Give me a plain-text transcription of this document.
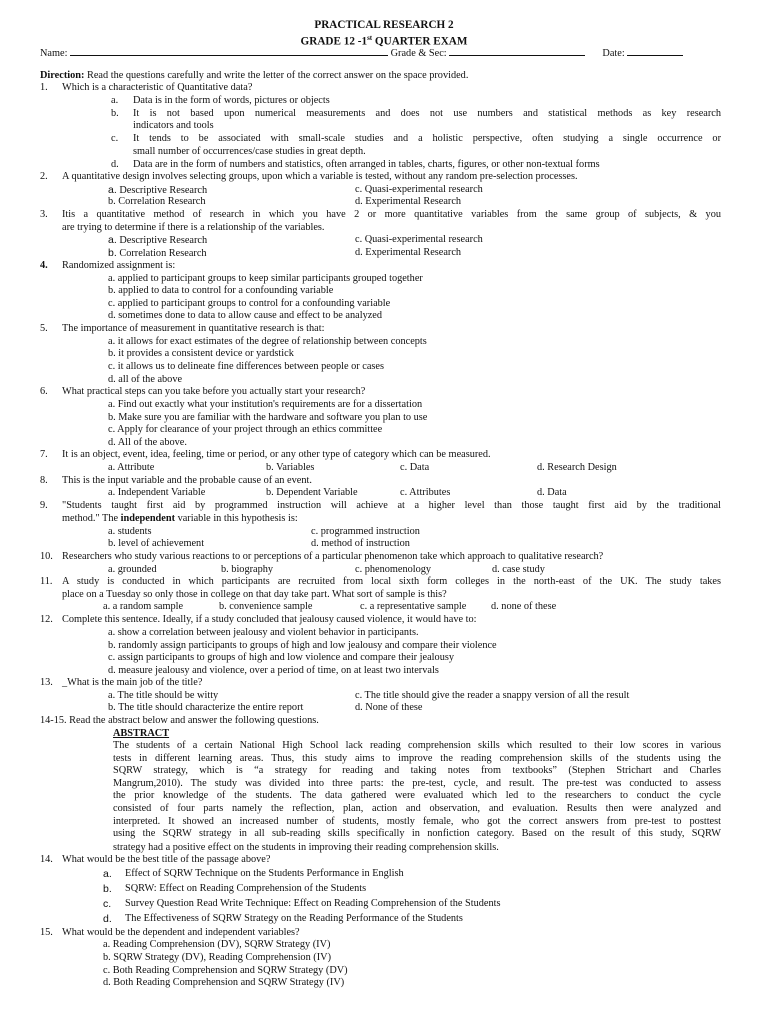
PRACTICAL RESEARCH 2
GRADE 12 -1st QUARTER EXAM
Name:	Grade & Sec:	Date:
Direction: Read the questions carefully and write the letter of the correct answer on the space provided.
1. Which is a characteristic of Quantitative data?
a. Data is in the form of words, pictures or objects
b. It is not based upon numerical measurements and does not use numbers and statistical methods as key research
indicators and tools
c. It tends to be associated with small-scale studies and a holistic perspective, often studying a single occurrence or
small number of occurrences/case studies in great depth.
d. Data are in the form of numbers and statistics, often arranged in tables, charts, figures, or other non-textual forms
2. A quantitative design involves selecting groups, upon which a variable is tested, without any random pre-selection processes.
a. Descriptive Research	c. Quasi-experimental research
b. Correlation Research	d. Experimental Research
3. Itis a quantitative method of research in which you have 2 or more quantitative variables from the same group of subjects, & you
are trying to determine if there is a relationship of the variables.
a. Descriptive Research	c. Quasi-experimental research
b. Correlation Research	d. Experimental Research
4. Randomized assignment is:
a. applied to participant groups to keep similar participants grouped together
b. applied to data to control for a confounding variable
c. applied to participant groups to control for a confounding variable
d. sometimes done to data to allow cause and effect to be analyzed
5. The importance of measurement in quantitative research is that:
a. it allows for exact estimates of the degree of relationship between concepts
b. it provides a consistent device or yardstick
c. it allows us to delineate fine differences between people or cases
d. all of the above
6. What practical steps can you take before you actually start your research?
a. Find out exactly what your institution's requirements are for a dissertation
b. Make sure you are familiar with the hardware and software you plan to use
c. Apply for clearance of your project through an ethics committee
d. All of the above.
7. It is an object, event, idea, feeling, time or period, or any other type of category which can be measured.
a. Attribute	b. Variables	c. Data	d. Research Design
8. This is the input variable and the probable cause of an event.
a. Independent Variable	b. Dependent Variable	c. Attributes	d. Data
9. "Students taught first aid by programmed instruction will achieve at a higher level than those taught first aid by the traditional
method." The independent variable in this hypothesis is:
a. students	c. programmed instruction
b. level of achievement	d. method of instruction
10. Researchers who study various reactions to or perceptions of a particular phenomenon take which approach to qualitative research?
a. grounded	b. biography	c. phenomenology	d. case study
11. A study is conducted in which participants are recruited from local sixth form colleges in the north-east of the UK. The study takes
place on a Tuesday so only those in college on that day take part. What sort of sample is this?
a. a random sample	b. convenience sample	c. a representative sample d. none of these
12. Complete this sentence. Ideally, if a study concluded that jealousy caused violence, it would have to:
a. show a correlation between jealousy and violent behavior in participants.
b. randomly assign participants to groups of high and low jealousy and compare their violence
c. assign participants to groups of high and low violence and compare their jealousy
d. measure jealousy and violence, over a period of time, on at least two intervals
13. _What is the main job of the title?
a. The title should be witty	c. The title should give the reader a snappy version of all the result
b. The title should characterize the entire report	d. None of these
14-15. Read the abstract below and answer the following questions.
ABSTRACT
The students of a certain National High School lack reading comprehension skills which resulted to their low scores in various
tests in different learning areas. Thus, this study aims to improve the reading comprehension skills of the students using the
SQRW strategy, which is “a strategy for reading and taking notes from textbooks” (Stephen Strichart and Charles
Mangrum,2010). The study was divided into three parts: the pre-test, cycle, and result. The pre-test was conducted to assess
the prior knowledge of the students. The data gathered were evaluated which led to the researchers to conduct the cycle
consisted of four parts namely the reflection, plan, action and observation, and evaluation. Results then were analyzed and
interpreted. It showed an increased number of students, mostly female, who got the correct answers from pre-test to posttest
using the SQRW strategy in all sub-reading skills specifically in nonfiction category. Based on the result of this study, SQRW
strategy had a positive effect on the students in improving their reading comprehension skills.
14. What would be the best title of the passage above?
a. Effect of SQRW Technique on the Students Performance in English
b. SQRW: Effect on Reading Comprehension of the Students
c. Survey Question Read Write Technique: Effect on Reading Comprehension of the Students
d. The Effectiveness of SQRW Strategy on the Reading Performance of the Students
15. What would be the dependent and independent variables?
a. Reading Comprehension (DV), SQRW Strategy (IV)
b. SQRW Strategy (DV), Reading Comprehension (IV)
c. Both Reading Comprehension and SQRW Strategy (DV)
d. Both Reading Comprehension and SQRW Strategy (IV)
